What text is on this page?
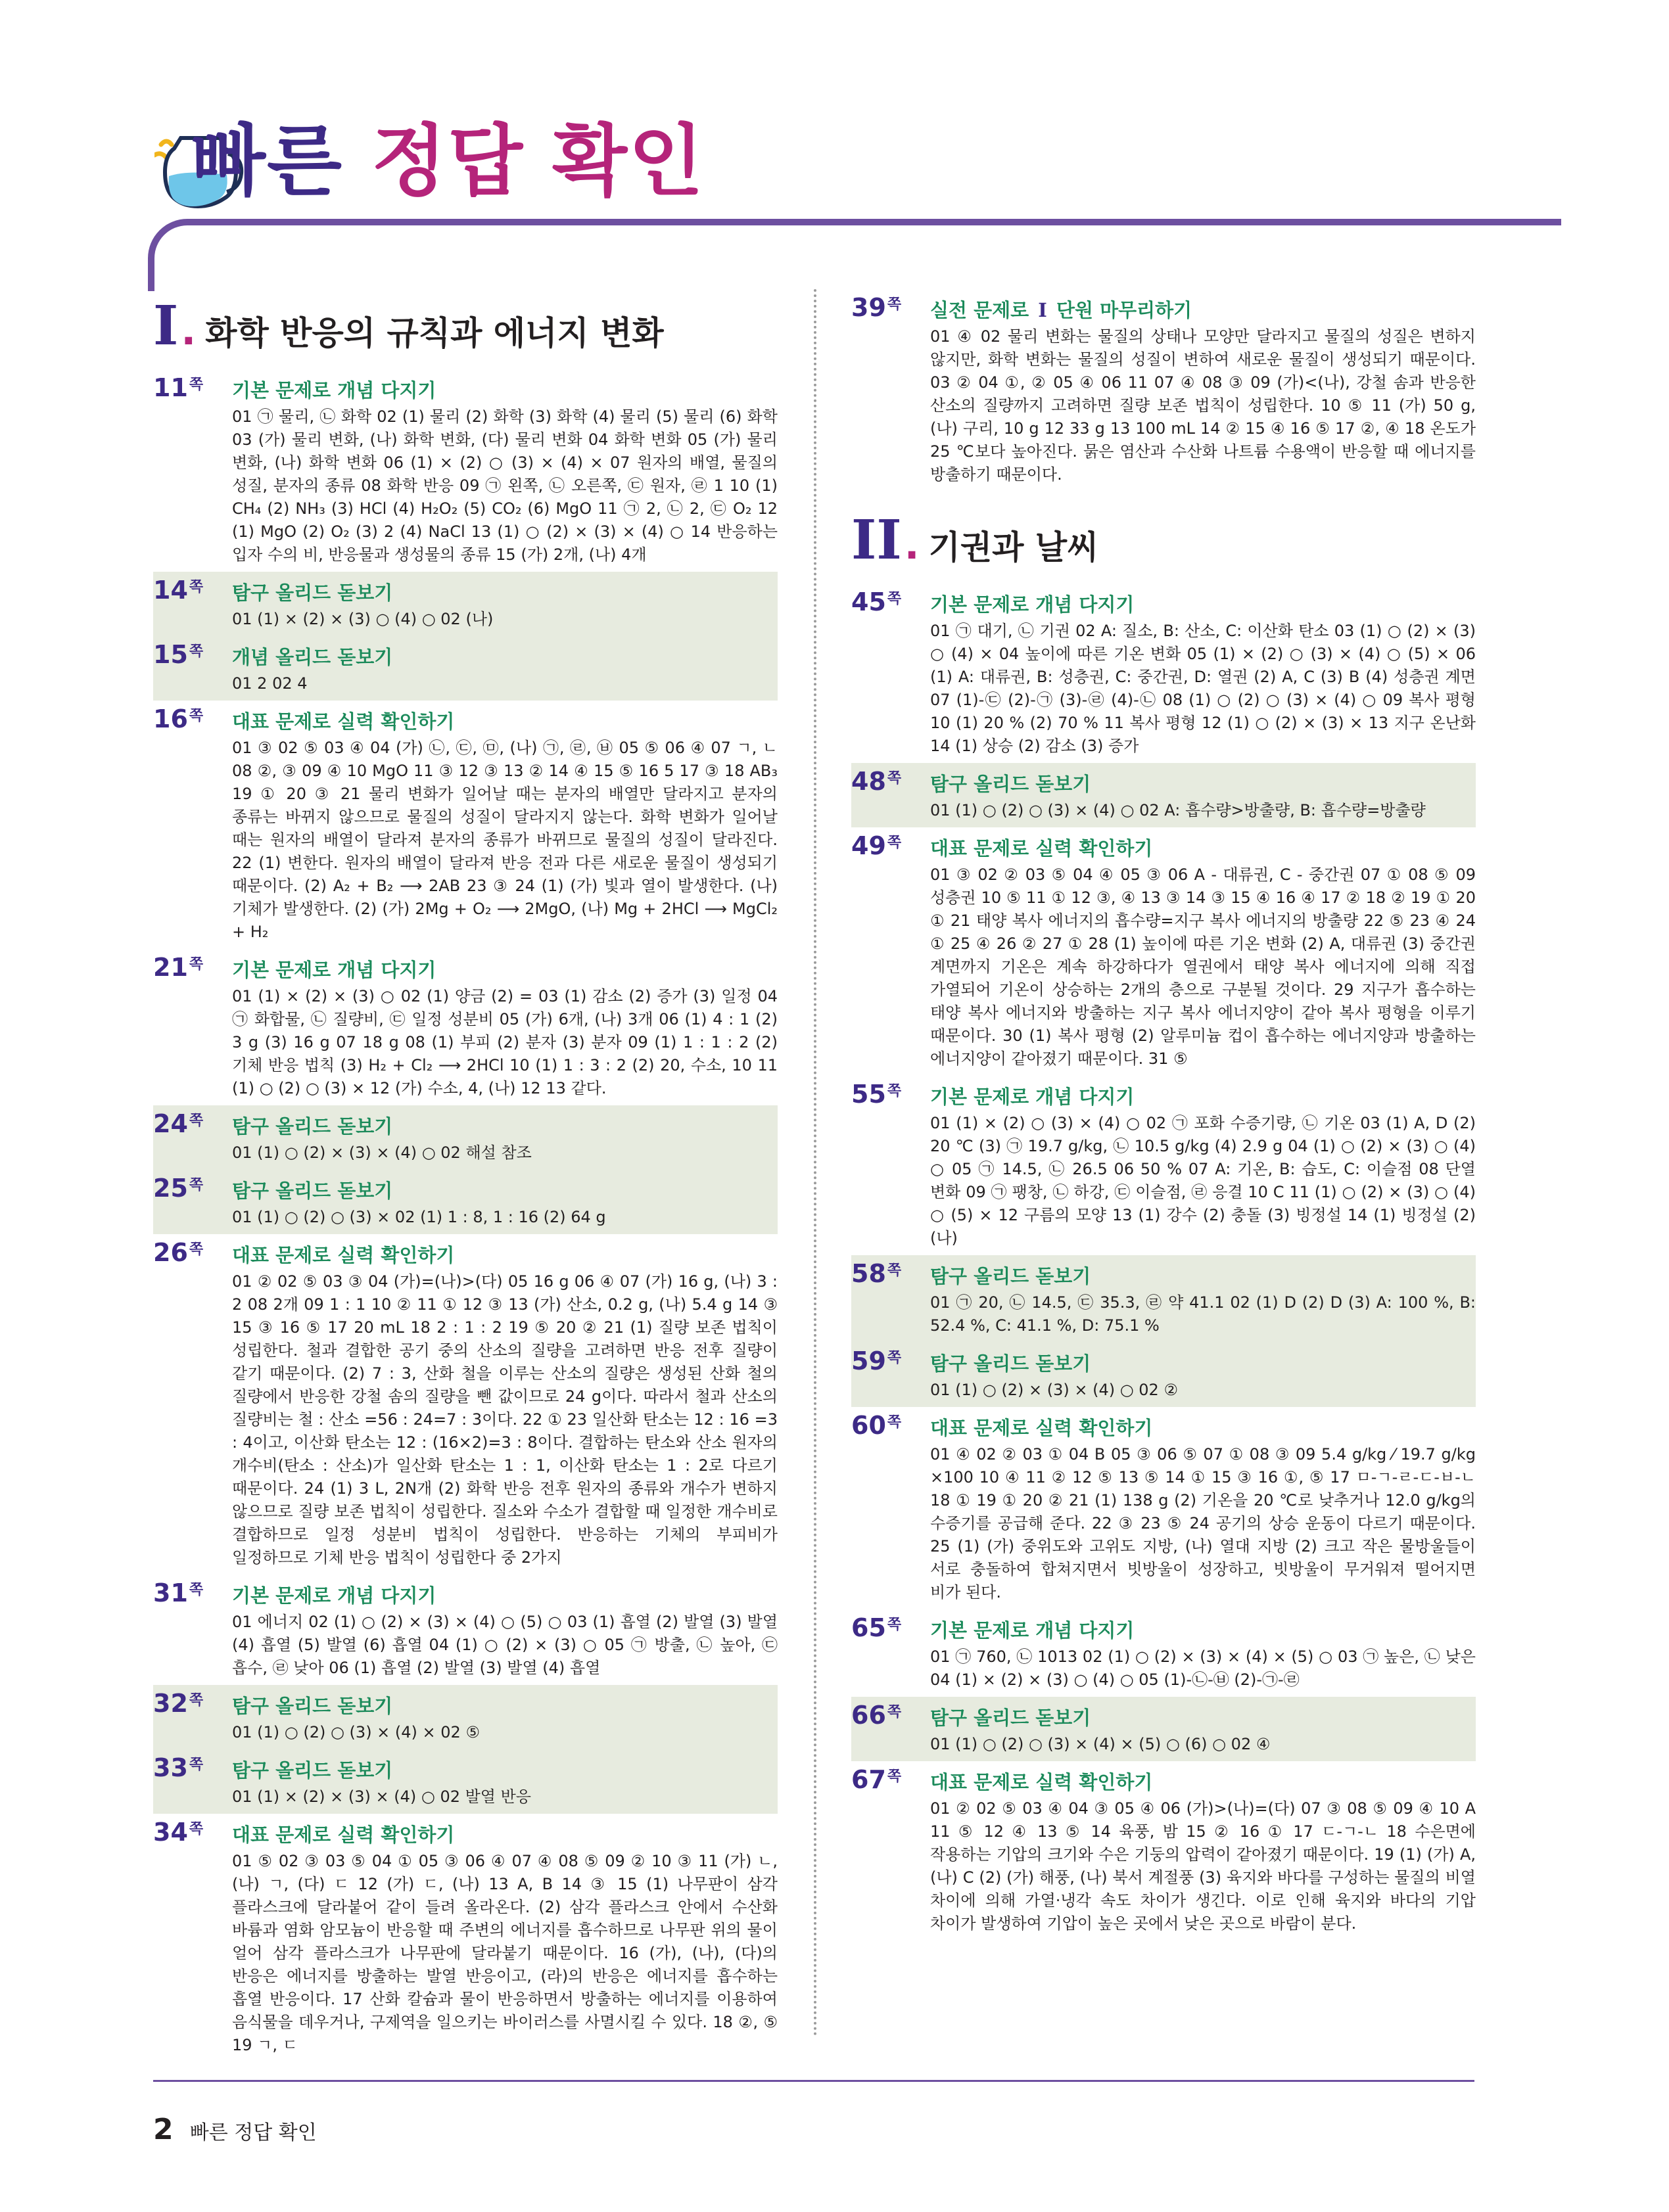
빠른 정답 확인
I . 화학 반응의 규칙과 에너지 변화
11쪽	기본 문제로 개념 다지기
01 ㉠ 물리, ㉡ 화학 02 (1) 물리 (2) 화학 (3) 화학 (4) 물리 (5) 물리 (6) 화학 03 (가) 물리 변화, (나) 화학 변화, (다) 물리 변화 04 화학 변화 05 (가) 물리 변화, (나) 화학 변화 06 (1) × (2) ○ (3) × (4) × 07 원자의 배열, 물질의 성질, 분자의 종류 08 화학 반응 09 ㉠ 왼쪽, ㉡ 오른쪽, ㉢ 원자, ㉣ 1 10 (1) CH₄ (2) NH₃ (3) HCl (4) H₂O₂ (5) CO₂ (6) MgO 11 ㉠ 2, ㉡ 2, ㉢ O₂ 12 (1) MgO (2) O₂ (3) 2 (4) NaCl 13 (1) ○ (2) × (3) × (4) ○ 14 반응하는 입자 수의 비, 반응물과 생성물의 종류 15 (가) 2개, (나) 4개
14쪽	탐구 올리드 돋보기
01 (1) × (2) × (3) ○ (4) ○ 02 (나)
15쪽	개념 올리드 돋보기
01 2 02 4
16쪽	대표 문제로 실력 확인하기
01 ③ 02 ⑤ 03 ④ 04 (가) ㉡, ㉢, ㉤, (나) ㉠, ㉣, ㉥ 05 ⑤ 06 ④ 07 ㄱ, ㄴ 08 ②, ③ 09 ④ 10 MgO 11 ③ 12 ③ 13 ② 14 ④ 15 ⑤ 16 5 17 ③ 18 AB₃ 19 ① 20 ③ 21 물리 변화가 일어날 때는 분자의 배열만 달라지고 분자의 종류는 바뀌지 않으므로 물질의 성질이 달라지지 않는다. 화학 변화가 일어날 때는 원자의 배열이 달라져 분자의 종류가 바뀌므로 물질의 성질이 달라진다. 22 (1) 변한다. 원자의 배열이 달라져 반응 전과 다른 새로운 물질이 생성되기 때문이다. (2) A₂ + B₂ ⟶ 2AB 23 ③ 24 (1) (가) 빛과 열이 발생한다. (나) 기체가 발생한다. (2) (가) 2Mg + O₂ ⟶ 2MgO, (나) Mg + 2HCl ⟶ MgCl₂ + H₂
21쪽	기본 문제로 개념 다지기
01 (1) × (2) × (3) ○ 02 (1) 양금 (2) = 03 (1) 감소 (2) 증가 (3) 일정 04 ㉠ 화합물, ㉡ 질량비, ㉢ 일정 성분비 05 (가) 6개, (나) 3개 06 (1) 4 : 1 (2) 3 g (3) 16 g 07 18 g 08 (1) 부피 (2) 분자 (3) 분자 09 (1) 1 : 1 : 2 (2) 기체 반응 법칙 (3) H₂ + Cl₂ ⟶ 2HCl 10 (1) 1 : 3 : 2 (2) 20, 수소, 10 11 (1) ○ (2) ○ (3) × 12 (가) 수소, 4, (나) 12 13 같다.
24쪽	탐구 올리드 돋보기
01 (1) ○ (2) × (3) × (4) ○ 02 해설 참조
25쪽	탐구 올리드 돋보기
01 (1) ○ (2) ○ (3) × 02 (1) 1 : 8, 1 : 16 (2) 64 g
26쪽	대표 문제로 실력 확인하기
01 ② 02 ⑤ 03 ③ 04 (가)=(나)>(다) 05 16 g 06 ④ 07 (가) 16 g, (나) 3 : 2 08 2개 09 1 : 1 10 ② 11 ① 12 ③ 13 (가) 산소, 0.2 g, (나) 5.4 g 14 ③ 15 ③ 16 ⑤ 17 20 mL 18 2 : 1 : 2 19 ⑤ 20 ② 21 (1) 질량 보존 법칙이 성립한다. 철과 결합한 공기 중의 산소의 질량을 고려하면 반응 전후 질량이 같기 때문이다. (2) 7 : 3, 산화 철을 이루는 산소의 질량은 생성된 산화 철의 질량에서 반응한 강철 솜의 질량을 뺀 값이므로 24 g이다. 따라서 철과 산소의 질량비는 철 : 산소 =56 : 24=7 : 3이다. 22 ① 23 일산화 탄소는 12 : 16 =3 : 4이고, 이산화 탄소는 12 : (16×2)=3 : 8이다. 결합하는 탄소와 산소 원자의 개수비(탄소 : 산소)가 일산화 탄소는 1 : 1, 이산화 탄소는 1 : 2로 다르기 때문이다. 24 (1) 3 L, 2N개 (2) 화학 반응 전후 원자의 종류와 개수가 변하지 않으므로 질량 보존 법칙이 성립한다. 질소와 수소가 결합할 때 일정한 개수비로 결합하므로 일정 성분비 법칙이 성립한다. 반응하는 기체의 부피비가 일정하므로 기체 반응 법칙이 성립한다 중 2가지
31쪽	기본 문제로 개념 다지기
01 에너지 02 (1) ○ (2) × (3) × (4) ○ (5) ○ 03 (1) 흡열 (2) 발열 (3) 발열 (4) 흡열 (5) 발열 (6) 흡열 04 (1) ○ (2) × (3) ○ 05 ㉠ 방출, ㉡ 높아, ㉢ 흡수, ㉣ 낮아 06 (1) 흡열 (2) 발열 (3) 발열 (4) 흡열
32쪽	탐구 올리드 돋보기
01 (1) ○ (2) ○ (3) × (4) × 02 ⑤
33쪽	탐구 올리드 돋보기
01 (1) × (2) × (3) × (4) ○ 02 발열 반응
34쪽	대표 문제로 실력 확인하기
01 ⑤ 02 ③ 03 ⑤ 04 ① 05 ③ 06 ④ 07 ④ 08 ⑤ 09 ② 10 ③ 11 (가) ㄴ, (나) ㄱ, (다) ㄷ 12 (가) ㄷ, (나) 13 A, B 14 ③ 15 (1) 나무판이 삼각 플라스크에 달라붙어 같이 들려 올라온다. (2) 삼각 플라스크 안에서 수산화 바륨과 염화 암모늄이 반응할 때 주변의 에너지를 흡수하므로 나무판 위의 물이 얼어 삼각 플라스크가 나무판에 달라붙기 때문이다. 16 (가), (나), (다)의 반응은 에너지를 방출하는 발열 반응이고, (라)의 반응은 에너지를 흡수하는 흡열 반응이다. 17 산화 칼슘과 물이 반응하면서 방출하는 에너지를 이용하여 음식물을 데우거나, 구제역을 일으키는 바이러스를 사멸시킬 수 있다. 18 ②, ⑤ 19 ㄱ, ㄷ
39쪽	실전 문제로 Ⅰ 단원 마무리하기
01 ④ 02 물리 변화는 물질의 상태나 모양만 달라지고 물질의 성질은 변하지 않지만, 화학 변화는 물질의 성질이 변하여 새로운 물질이 생성되기 때문이다. 03 ② 04 ①, ② 05 ④ 06 11 07 ④ 08 ③ 09 (가)<(나), 강철 솜과 반응한 산소의 질량까지 고려하면 질량 보존 법칙이 성립한다. 10 ⑤ 11 (가) 50 g, (나) 구리, 10 g 12 33 g 13 100 mL 14 ② 15 ④ 16 ⑤ 17 ②, ④ 18 온도가 25 ℃보다 높아진다. 묽은 염산과 수산화 나트륨 수용액이 반응할 때 에너지를 방출하기 때문이다.
II . 기권과 날씨
45쪽	기본 문제로 개념 다지기
01 ㉠ 대기, ㉡ 기권 02 A: 질소, B: 산소, C: 이산화 탄소 03 (1) ○ (2) × (3) ○ (4) × 04 높이에 따른 기온 변화 05 (1) × (2) ○ (3) × (4) ○ (5) × 06 (1) A: 대류권, B: 성층권, C: 중간권, D: 열권 (2) A, C (3) B (4) 성층권 계면 07 (1)-㉢ (2)-㉠ (3)-㉣ (4)-㉡ 08 (1) ○ (2) ○ (3) × (4) ○ 09 복사 평형 10 (1) 20 % (2) 70 % 11 복사 평형 12 (1) ○ (2) × (3) × 13 지구 온난화 14 (1) 상승 (2) 감소 (3) 증가
48쪽	탐구 올리드 돋보기
01 (1) ○ (2) ○ (3) × (4) ○ 02 A: 흡수량>방출량, B: 흡수량=방출량
49쪽	대표 문제로 실력 확인하기
01 ③ 02 ② 03 ⑤ 04 ④ 05 ③ 06 A - 대류권, C - 중간권 07 ① 08 ⑤ 09 성층권 10 ⑤ 11 ① 12 ③, ④ 13 ③ 14 ③ 15 ④ 16 ④ 17 ② 18 ② 19 ① 20 ① 21 태양 복사 에너지의 흡수량=지구 복사 에너지의 방출량 22 ⑤ 23 ④ 24 ① 25 ④ 26 ② 27 ① 28 (1) 높이에 따른 기온 변화 (2) A, 대류권 (3) 중간권 계면까지 기온은 계속 하강하다가 열권에서 태양 복사 에너지에 의해 직접 가열되어 기온이 상승하는 2개의 층으로 구분될 것이다. 29 지구가 흡수하는 태양 복사 에너지와 방출하는 지구 복사 에너지양이 같아 복사 평형을 이루기 때문이다. 30 (1) 복사 평형 (2) 알루미늄 컵이 흡수하는 에너지양과 방출하는 에너지양이 같아졌기 때문이다. 31 ⑤
55쪽	기본 문제로 개념 다지기
01 (1) × (2) ○ (3) × (4) ○ 02 ㉠ 포화 수증기량, ㉡ 기온 03 (1) A, D (2) 20 ℃ (3) ㉠ 19.7 g/kg, ㉡ 10.5 g/kg (4) 2.9 g 04 (1) ○ (2) × (3) ○ (4) ○ 05 ㉠ 14.5, ㉡ 26.5 06 50 % 07 A: 기온, B: 습도, C: 이슬점 08 단열 변화 09 ㉠ 팽창, ㉡ 하강, ㉢ 이슬점, ㉣ 응결 10 C 11 (1) ○ (2) × (3) ○ (4) ○ (5) × 12 구름의 모양 13 (1) 강수 (2) 충돌 (3) 빙정설 14 (1) 빙정설 (2) (나)
58쪽	탐구 올리드 돋보기
01 ㉠ 20, ㉡ 14.5, ㉢ 35.3, ㉣ 약 41.1 02 (1) D (2) D (3) A: 100 %, B: 52.4 %, C: 41.1 %, D: 75.1 %
59쪽	탐구 올리드 돋보기
01 (1) ○ (2) × (3) × (4) ○ 02 ②
60쪽	대표 문제로 실력 확인하기
01 ④ 02 ② 03 ① 04 B 05 ③ 06 ⑤ 07 ① 08 ③ 09 5.4 g/kg ⁄ 19.7 g/kg ×100 10 ④ 11 ② 12 ⑤ 13 ⑤ 14 ① 15 ③ 16 ①, ⑤ 17 ㅁ-ㄱ-ㄹ-ㄷ-ㅂ-ㄴ 18 ① 19 ① 20 ② 21 (1) 138 g (2) 기온을 20 ℃로 낮추거나 12.0 g/kg의 수증기를 공급해 준다. 22 ③ 23 ⑤ 24 공기의 상승 운동이 다르기 때문이다. 25 (1) (가) 중위도와 고위도 지방, (나) 열대 지방 (2) 크고 작은 물방울들이 서로 충돌하여 합쳐지면서 빗방울이 성장하고, 빗방울이 무거워져 떨어지면 비가 된다.
65쪽	기본 문제로 개념 다지기
01 ㉠ 760, ㉡ 1013 02 (1) ○ (2) × (3) × (4) × (5) ○ 03 ㉠ 높은, ㉡ 낮은 04 (1) × (2) × (3) ○ (4) ○ 05 (1)-㉡-㉥ (2)-㉠-㉣
66쪽	탐구 올리드 돋보기
01 (1) ○ (2) ○ (3) × (4) × (5) ○ (6) ○ 02 ④
67쪽	대표 문제로 실력 확인하기
01 ② 02 ⑤ 03 ④ 04 ③ 05 ④ 06 (가)>(나)=(다) 07 ③ 08 ⑤ 09 ④ 10 A 11 ⑤ 12 ④ 13 ⑤ 14 육풍, 밤 15 ② 16 ① 17 ㄷ-ㄱ-ㄴ 18 수은면에 작용하는 기압의 크기와 수은 기둥의 압력이 같아졌기 때문이다. 19 (1) (가) A, (나) C (2) (가) 해풍, (나) 북서 계절풍 (3) 육지와 바다를 구성하는 물질의 비열 차이에 의해 가열·냉각 속도 차이가 생긴다. 이로 인해 육지와 바다의 기압 차이가 발생하여 기압이 높은 곳에서 낮은 곳으로 바람이 분다.
2 빠른 정답 확인
